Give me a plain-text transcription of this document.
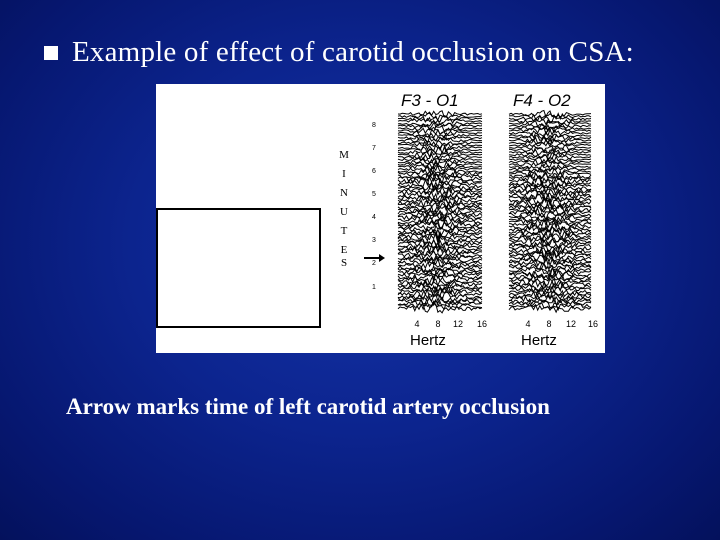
Example of effect of carotid occlusion on CSA:
M
I
N
U
T
E
S
8
7
6
5
4
3
2
1
F3 - O1	F4 - O2
4 8 12 16	4 8 12 16
Hertz	Hertz
Arrow marks time of left carotid artery occlusion
